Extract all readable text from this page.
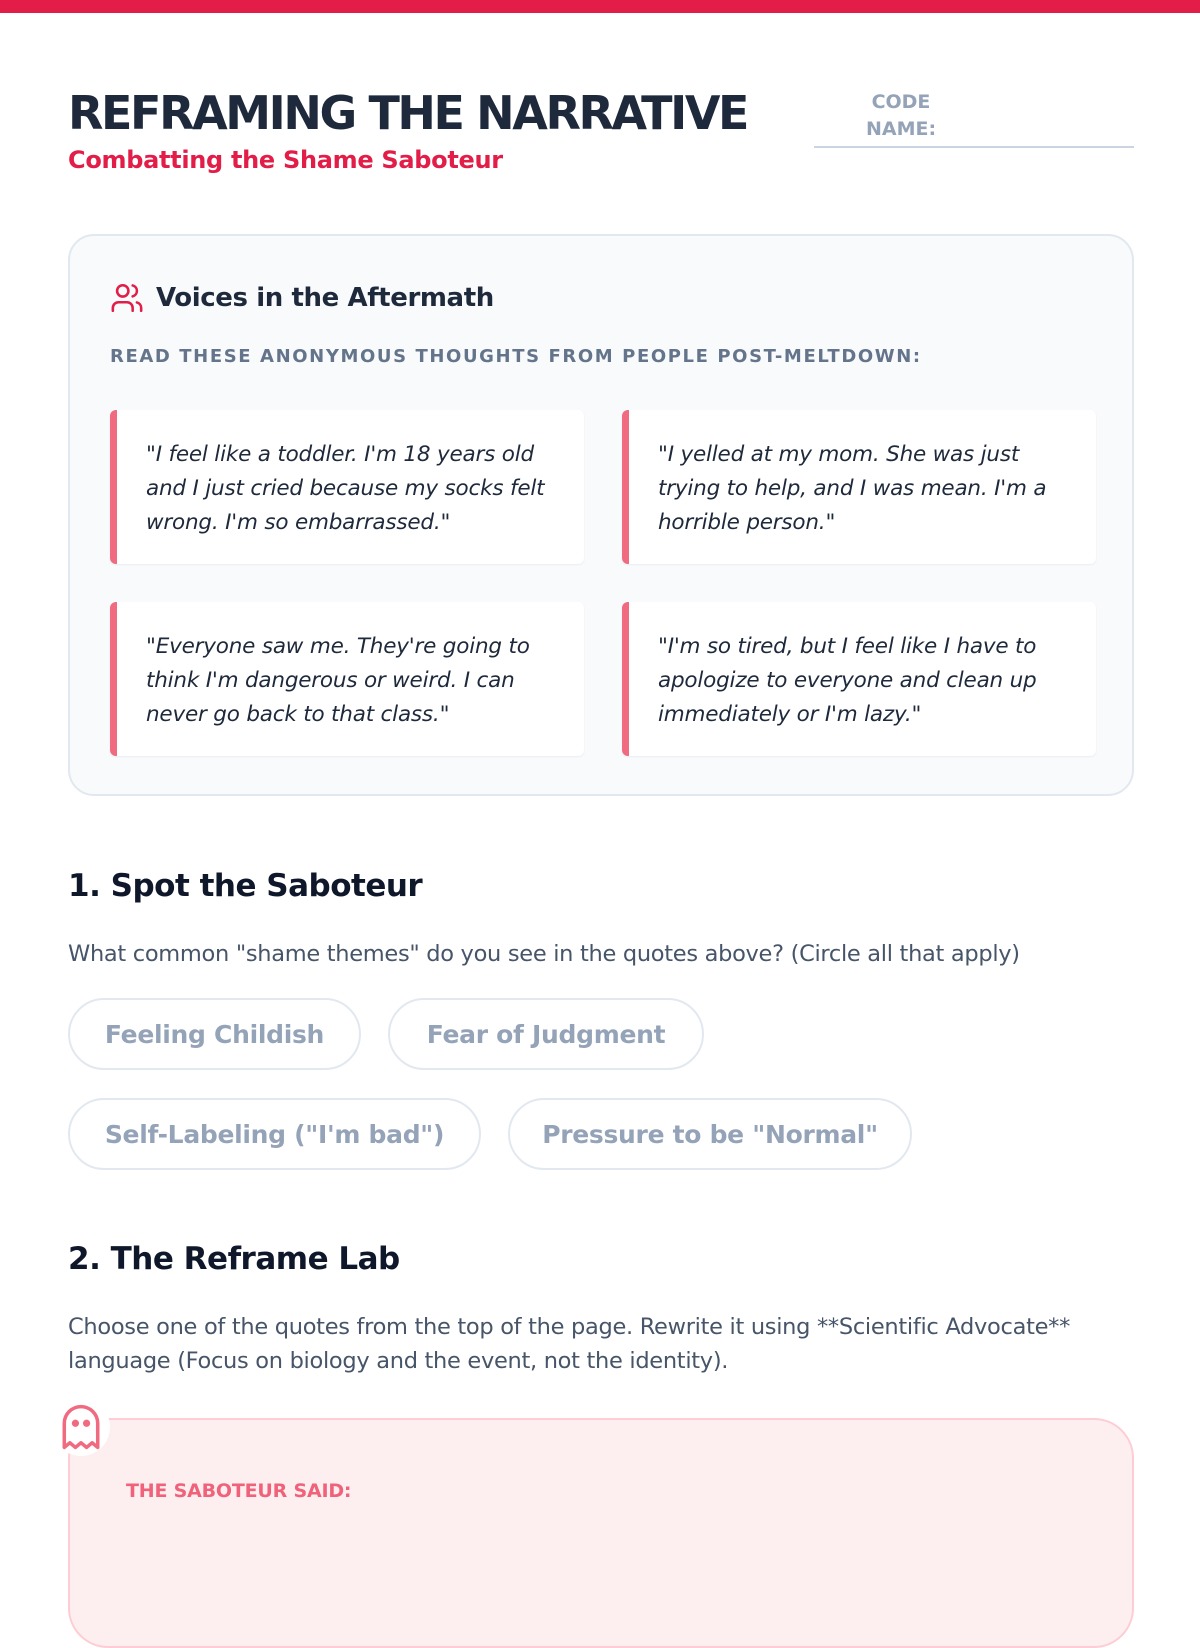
REFRAMING THE NARRATIVE
Combatting the Shame Saboteur
CODE NAME:
Voices in the Aftermath
READ THESE ANONYMOUS THOUGHTS FROM PEOPLE POST-MELTDOWN:
"I feel like a toddler. I'm 18 years old and I just cried because my socks felt wrong. I'm so embarrassed."
"I yelled at my mom. She was just trying to help, and I was mean. I'm a horrible person."
"Everyone saw me. They're going to think I'm dangerous or weird. I can never go back to that class."
"I'm so tired, but I feel like I have to apologize to everyone and clean up immediately or I'm lazy."
1. Spot the Saboteur
What common "shame themes" do you see in the quotes above? (Circle all that apply)
Feeling Childish	Fear of Judgment
Self-Labeling ("I'm bad")	Pressure to be "Normal"
2. The Reframe Lab
Choose one of the quotes from the top of the page. Rewrite it using **Scientific Advocate** language (Focus on biology and the event, not the identity).
THE SABOTEUR SAID:
